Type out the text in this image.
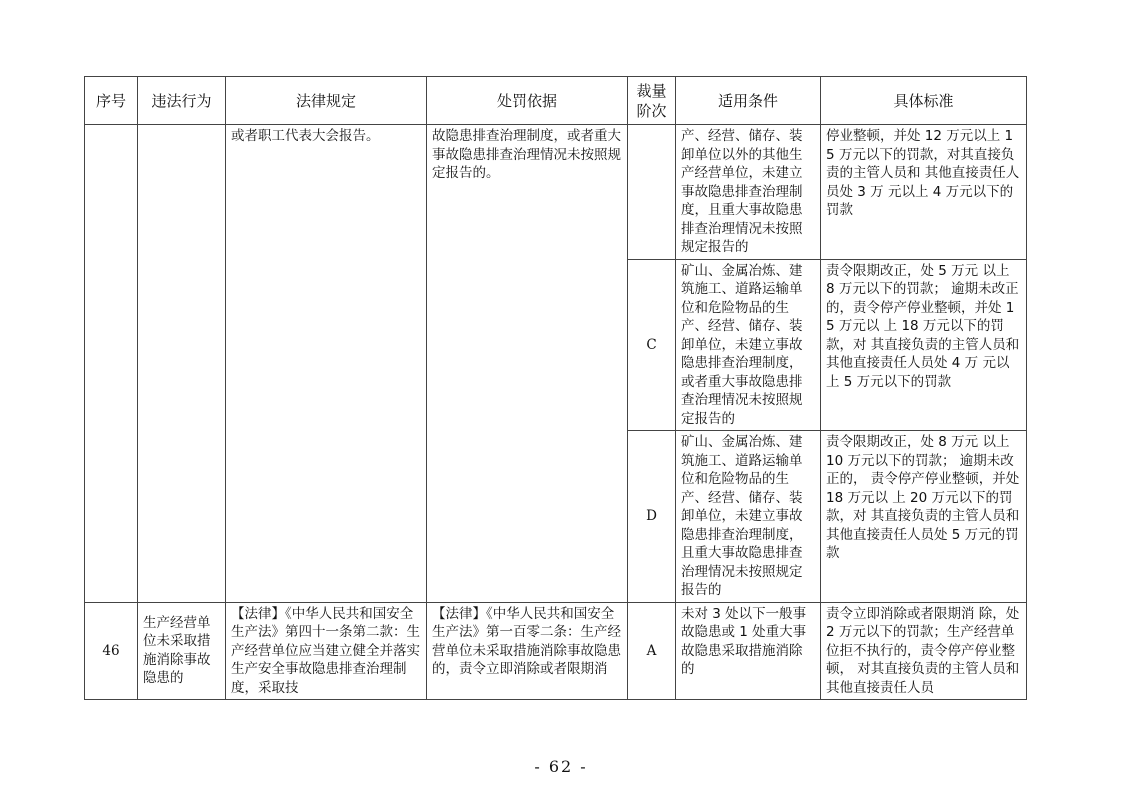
序号	违法行为	法律规定	处罚依据	裁量阶次	适用条件	具体标准
		或者职工代表大会报告。	故隐患排查治理制度，或者重大事故隐患排查治理情况未按照规定报告的。		产、经营、储存、装卸单位以外的其他生产经营单位，未建立事故隐患排查治理制度，且重大事故隐患排查治理情况未按照规定报告的	停业整顿，并处 12 万元以上 15 万元以下的罚款，对其直接负责的主管人员和 其他直接责任人员处 3 万 元以上 4 万元以下的罚款
				C	矿山、金属冶炼、建筑施工、道路运输单位和危险物品的生产、经营、储存、装卸单位，未建立事故隐患排查治理制度，或者重大事故隐患排查治理情况未按照规定报告的	责令限期改正，处 5 万元 以上 8 万元以下的罚款； 逾期未改正的，责令停产停业整顿，并处 15 万元以 上 18 万元以下的罚款，对 其直接负责的主管人员和 其他直接责任人员处 4 万 元以上 5 万元以下的罚款
				D	矿山、金属冶炼、建筑施工、道路运输单位和危险物品的生产、经营、储存、装卸单位，未建立事故隐患排查治理制度，且重大事故隐患排查治理情况未按照规定报告的	责令限期改正，处 8 万元 以上 10 万元以下的罚款； 逾期未改正的， 责令停产停业整顿，并处 18 万元以 上 20 万元以下的罚款，对 其直接负责的主管人员和 其他直接责任人员处 5 万元的罚款
46	生产经营单位未采取措施消除事故隐患的	【法律】《中华人民共和国安全生产法》第四十一条第二款：生产经营单位应当建立健全并落实生产安全事故隐患排查治理制度，采取技	【法律】《中华人民共和国安全生产法》第一百零二条：生产经营单位未采取措施消除事故隐患的，责令立即消除或者限期消	A	未对 3 处以下一般事故隐患或 1 处重大事故隐患采取措施消除的	责令立即消除或者限期消 除，处2 万元以下的罚款；生产经营单位拒不执行的，责令停产停业整顿， 对其直接负责的主管人员和其他直接责任人员
- 62 -
